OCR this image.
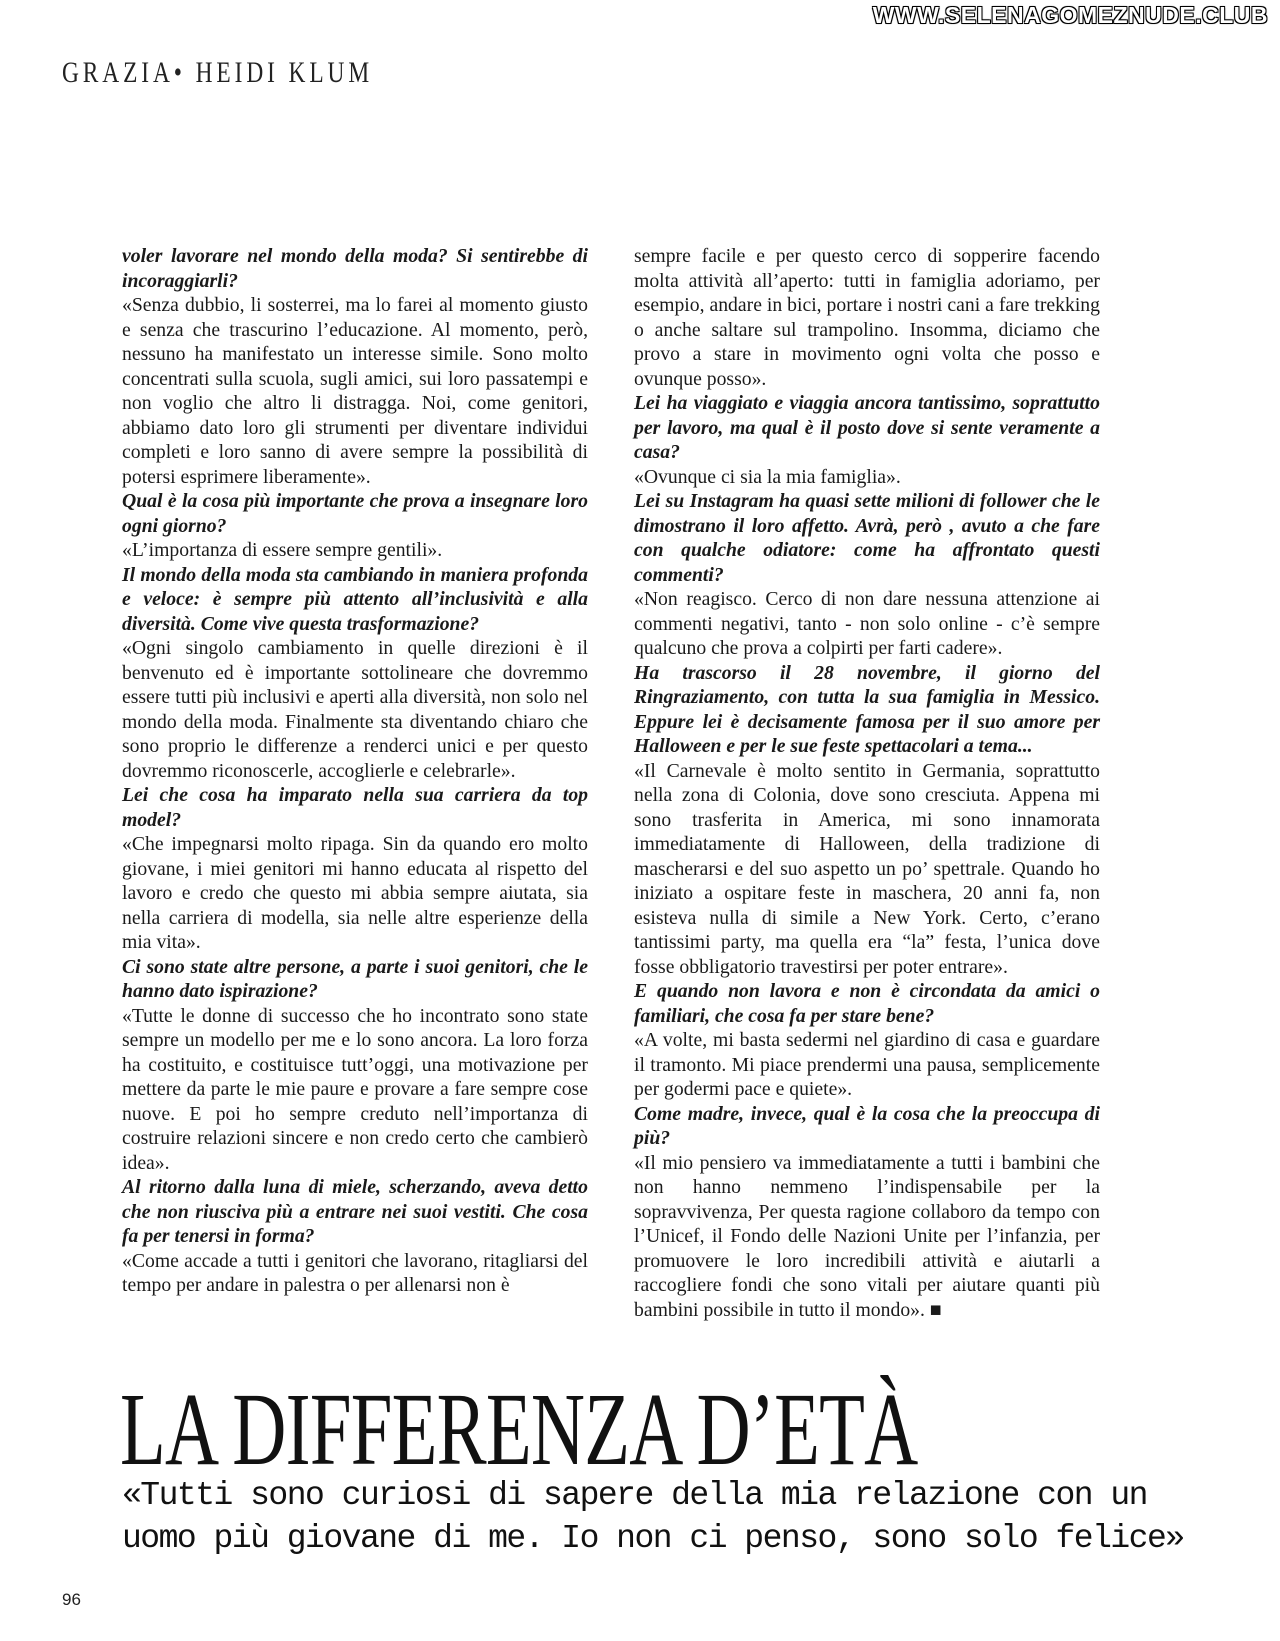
WWW.SELENAGOMEZNUDE.CLUB
GRAZIA• HEIDI KLUM

voler lavorare nel mondo della moda? Si sentirebbe di incoraggiarli?

«Senza dubbio, li sosterrei, ma lo farei al momento giusto e senza che trascurino l’educazione. Al momento, però, nessuno ha manifestato un interesse simile. Sono molto concentrati sulla scuola, sugli amici, sui loro passatempi e non voglio che altro li distragga. Noi, come genitori, abbiamo dato loro gli strumenti per diventare individui completi e loro sanno di avere sempre la possibilità di potersi esprimere liberamente».

Qual è la cosa più importante che prova a insegnare loro ogni giorno?

«L’importanza di essere sempre gentili».

Il mondo della moda sta cambiando in maniera profonda e veloce: è sempre più attento all’inclusività e alla diversità. Come vive questa trasformazione?

«Ogni singolo cambiamento in quelle direzioni è il benvenuto ed è importante sottolineare che dovremmo essere tutti più inclusivi e aperti alla diversità, non solo nel mondo della moda. Finalmente sta diventando chiaro che sono proprio le differenze a renderci unici e per questo dovremmo riconoscerle, accoglierle e celebrarle».

Lei che cosa ha imparato nella sua carriera da top model?

«Che impegnarsi molto ripaga. Sin da quando ero molto giovane, i miei genitori mi hanno educata al rispetto del lavoro e credo che questo mi abbia sempre aiutata, sia nella carriera di modella, sia nelle altre esperienze della mia vita».

Ci sono state altre persone, a parte i suoi genitori, che le hanno dato ispirazione?

«Tutte le donne di successo che ho incontrato sono state sempre un modello per me e lo sono ancora. La loro forza ha costituito, e costituisce tutt’oggi, una motivazione per mettere da parte le mie paure e provare a fare sempre cose nuove. E poi ho sempre creduto nell’importanza di costruire relazioni sincere e non credo certo che cambierò idea».

Al ritorno dalla luna di miele, scherzando, aveva detto che non riusciva più a entrare nei suoi vestiti. Che cosa fa per tenersi in forma?

«Come accade a tutti i genitori che lavorano, ritagliarsi del tempo per andare in palestra o per allenarsi non è

sempre facile e per questo cerco di sopperire facendo molta attività all’aperto: tutti in famiglia adoriamo, per esempio, andare in bici, portare i nostri cani a fare trekking o anche saltare sul trampolino. Insomma, diciamo che provo a stare in movimento ogni volta che posso e ovunque posso».

Lei ha viaggiato e viaggia ancora tantissimo, soprattutto per lavoro, ma qual è il posto dove si sente veramente a casa?

«Ovunque ci sia la mia famiglia».

Lei su Instagram ha quasi sette milioni di follower che le dimostrano il loro affetto. Avrà, però , avuto a che fare con qualche odiatore: come ha affrontato questi commenti?

«Non reagisco. Cerco di non dare nessuna attenzione ai commenti negativi, tanto - non solo online - c’è sempre qualcuno che prova a colpirti per farti cadere».

Ha trascorso il 28 novembre, il giorno del Ringraziamento, con tutta la sua famiglia in Messico. Eppure lei è decisamente famosa per il suo amore per Halloween e per le sue feste spettacolari a tema...

«Il Carnevale è molto sentito in Germania, soprattutto nella zona di Colonia, dove sono cresciuta. Appena mi sono trasferita in America, mi sono innamorata immediatamente di Halloween, della tradizione di mascherarsi e del suo aspetto un po’ spettrale. Quando ho iniziato a ospitare feste in maschera, 20 anni fa, non esisteva nulla di simile a New York. Certo, c’erano tantissimi party, ma quella era “la” festa, l’unica dove fosse obbligatorio travestirsi per poter entrare».

E quando non lavora e non è circondata da amici o familiari, che cosa fa per stare bene?

«A volte, mi basta sedermi nel giardino di casa e guardare il tramonto. Mi piace prendermi una pausa, semplicemente per godermi pace e quiete».

Come madre, invece, qual è la cosa che la preoccupa di più?

«Il mio pensiero va immediatamente a tutti i bambini che non hanno nemmeno l’indispensabile per la sopravvivenza, Per questa ragione collaboro da tempo con l’Unicef, il Fondo delle Nazioni Unite per l’infanzia, per promuovere le loro incredibili attività e aiutarli a raccogliere fondi che sono vitali per aiutare quanti più bambini possibile in tutto il mondo». ■

LA DIFFERENZA D’ETÀ

«Tutti sono curiosi di sapere della mia relazione con un

uomo più giovane di me. Io non ci penso, sono solo felice»

96
